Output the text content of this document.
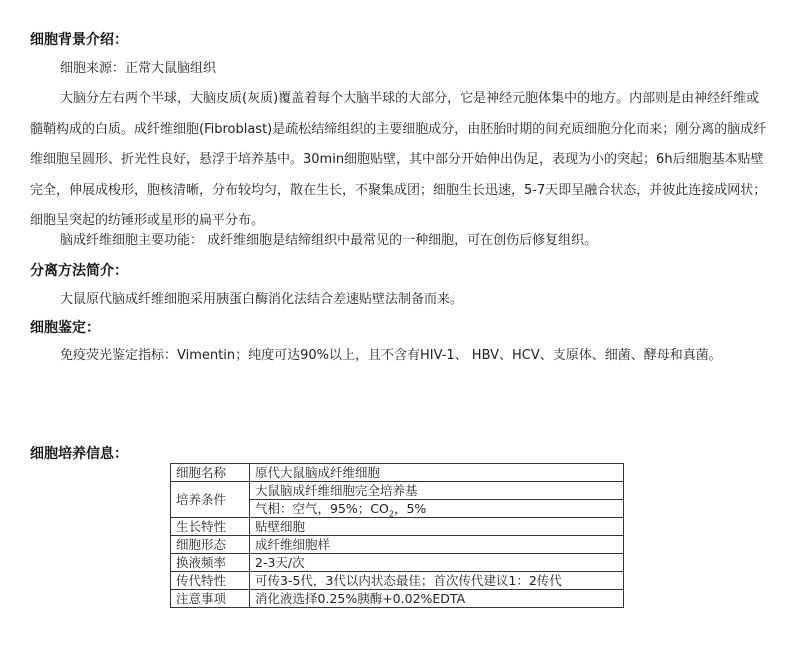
细胞背景介绍：

细胞来源：正常大鼠脑组织

大脑分左右两个半球，大脑皮质(灰质)覆盖着每个大脑半球的大部分，它是神经元胞体集中的地方。内部则是由神经纤维或髓鞘构成的白质。成纤维细胞(Fibroblast)是疏松结缔组织的主要细胞成分，由胚胎时期的间充质细胞分化而来；刚分离的脑成纤维细胞呈圆形、折光性良好，悬浮于培养基中。30min细胞贴壁，其中部分开始伸出伪足，表现为小的突起；6h后细胞基本贴壁完全，伸展成梭形，胞核清晰，分布较均匀，散在生长，不聚集成团；细胞生长迅速，5-7天即呈融合状态，并彼此连接成网状；细胞呈突起的纺锤形或星形的扁平分布。

脑成纤维细胞主要功能： 成纤维细胞是结缔组织中最常见的一种细胞，可在创伤后修复组织。

分离方法简介：

大鼠原代脑成纤维细胞采用胰蛋白酶消化法结合差速贴壁法制备而来。

细胞鉴定：

免疫荧光鉴定指标：Vimentin；纯度可达90%以上，且不含有HIV-1、 HBV、HCV、支原体、细菌、酵母和真菌。

细胞培养信息：
细胞名称	原代大鼠脑成纤维细胞
培养条件	大鼠脑成纤维细胞完全培养基
	气相：空气，95%；$CO_2$，5%
生长特性	贴壁细胞
细胞形态	成纤维细胞样
换液频率	2-3天/次
传代特性	可传3-5代，3代以内状态最佳；首次传代建议1：2传代
注意事项	消化液选择0.25%胰酶+0.02%EDTA
